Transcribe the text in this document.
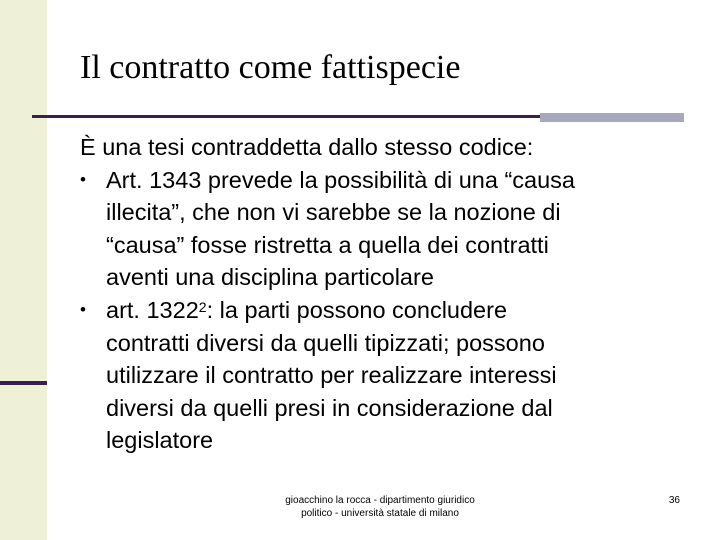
Il contratto come fattispecie

È una tesi contraddetta dallo stesso codice:

• Art. 1343 prevede la possibilità di una “causa
illecita”, che non vi sarebbe se la nozione di
“causa” fosse ristretta a quella dei contratti
aventi una disciplina particolare
• art. 1322$^2$: la parti possono concludere
contratti diversi da quelli tipizzati; possono
utilizzare il contratto per realizzare interessi
diversi da quelli presi in considerazione dal
legislatore
gioacchino la rocca - dipartimento giuridico
politico - università statale di milano
36
